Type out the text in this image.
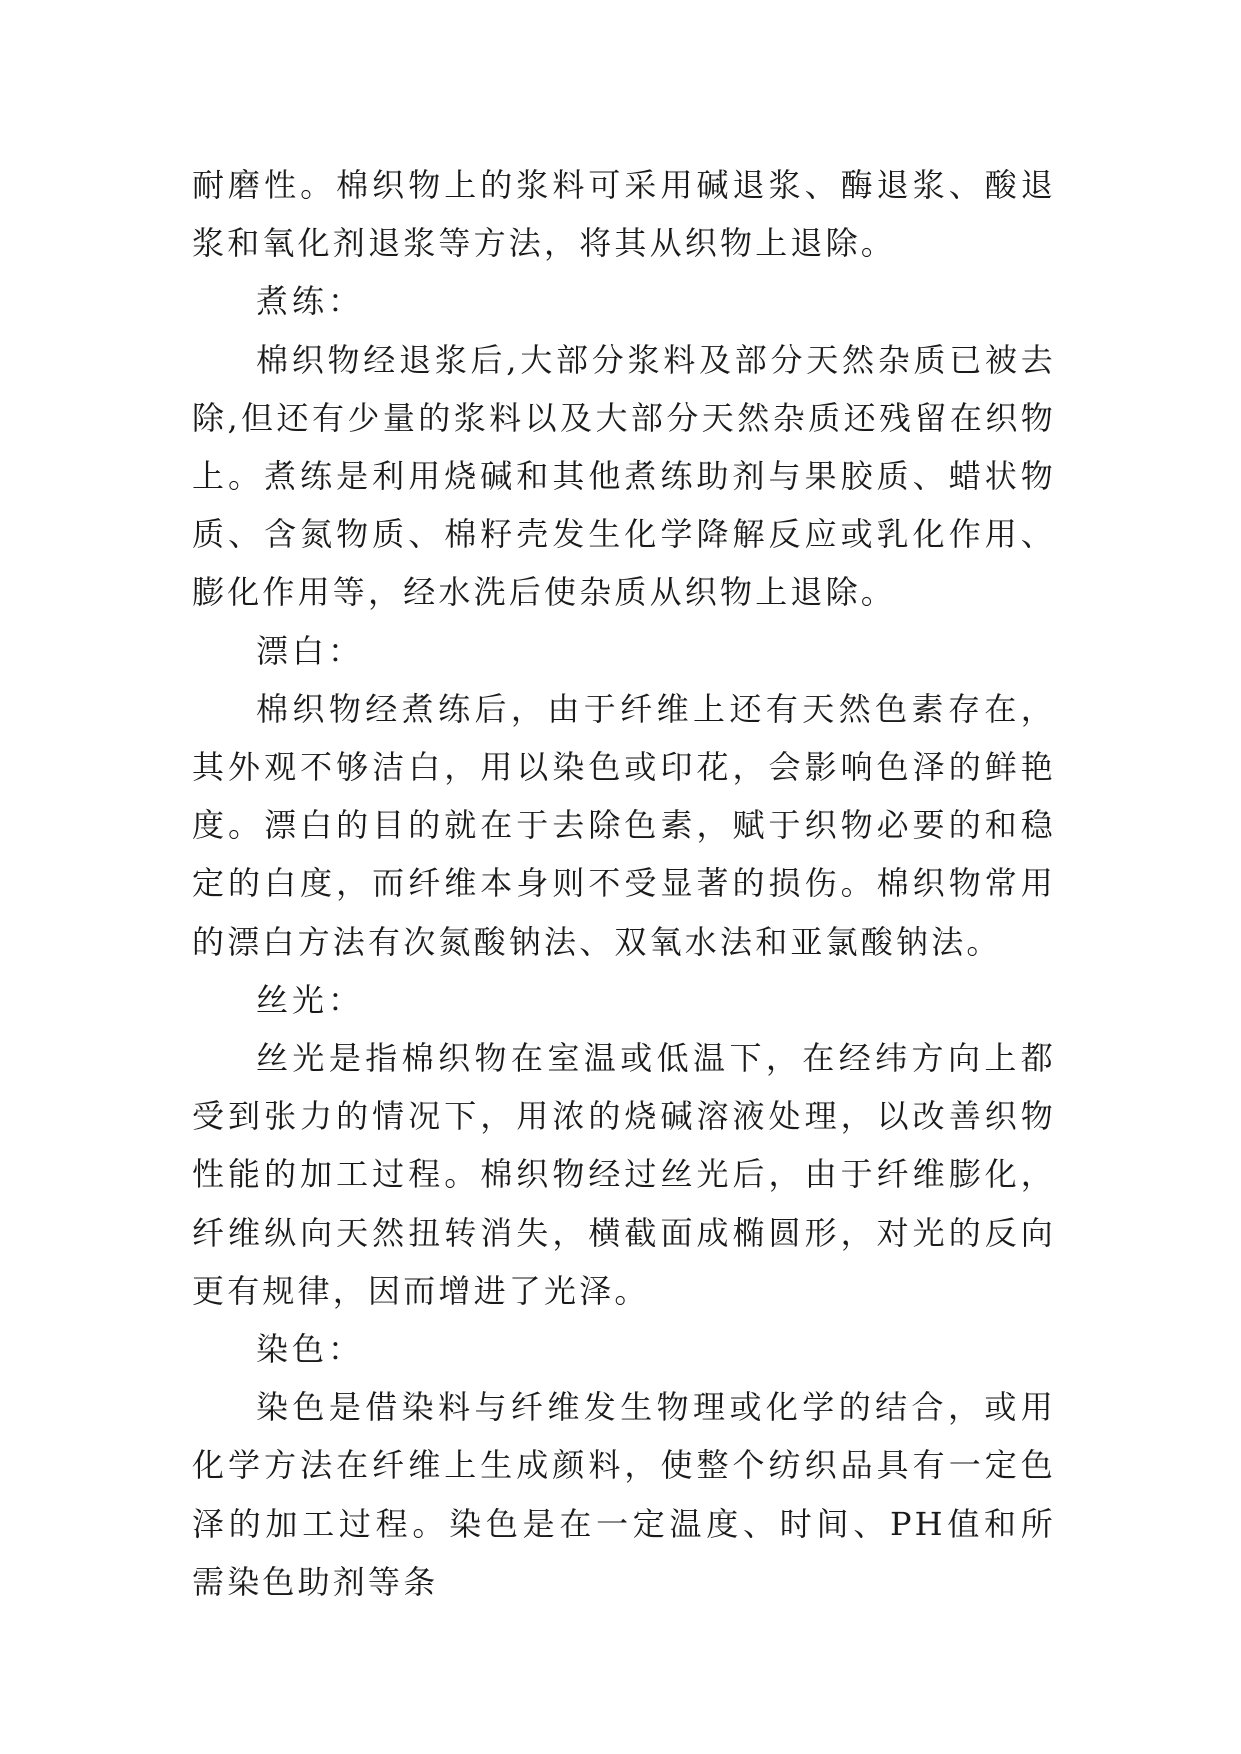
耐磨性。棉织物上的浆料可采用碱退浆、酶退浆、酸退浆和氧化剂退浆等方法，将其从织物上退除。

煮练：

棉织物经退浆后,大部分浆料及部分天然杂质已被去除,但还有少量的浆料以及大部分天然杂质还残留在织物上。煮练是利用烧碱和其他煮练助剂与果胶质、蜡状物质、含氮物质、棉籽壳发生化学降解反应或乳化作用、膨化作用等，经水洗后使杂质从织物上退除。

漂白：

棉织物经煮练后，由于纤维上还有天然色素存在，其外观不够洁白，用以染色或印花，会影响色泽的鲜艳度。漂白的目的就在于去除色素，赋于织物必要的和稳定的白度，而纤维本身则不受显著的损伤。棉织物常用的漂白方法有次氮酸钠法、双氧水法和亚氯酸钠法。

丝光：

丝光是指棉织物在室温或低温下，在经纬方向上都受到张力的情况下，用浓的烧碱溶液处理，以改善织物性能的加工过程。棉织物经过丝光后，由于纤维膨化，纤维纵向天然扭转消失，横截面成椭圆形，对光的反向更有规律，因而增进了光泽。

染色：

染色是借染料与纤维发生物理或化学的结合，或用化学方法在纤维上生成颜料，使整个纺织品具有一定色泽的加工过程。染色是在一定温度、时间、PH值和所需染色助剂等条
